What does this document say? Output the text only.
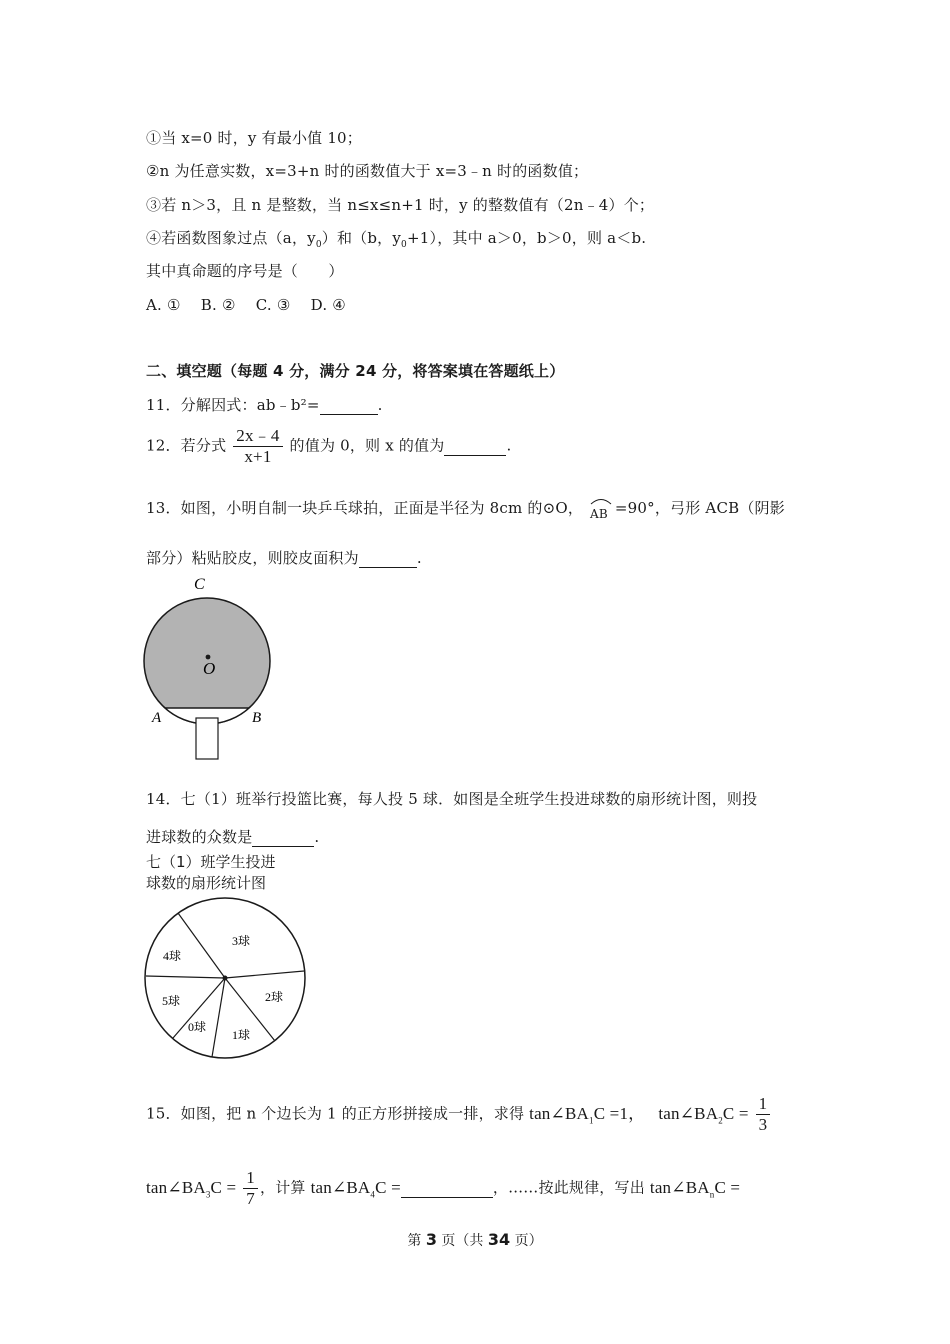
①当 x=0 时，y 有最小值 10；
②n 为任意实数，x=3+n 时的函数值大于 x=3﹣n 时的函数值；
③若 n＞3，且 n 是整数，当 n≤x≤n+1 时，y 的整数值有（2n﹣4）个；
④若函数图象过点（a，$y_0$）和（b，$y_0+1$），其中 a＞0，b＞0，则 a＜b.
其中真命题的序号是（　　）
A. ①　 B. ②　 C. ③　 D. ④
二、填空题（每题 4 分，满分 24 分，将答案填在答题纸上）
11．分解因式：ab﹣b²=	.
12．若分式 $\frac{2x﹣4}{x+1}$ 的值为 0，则 x 的值为	.
13．如图，小明自制一块乒乓球拍，正面是半径为 8cm 的⊙O， $_{AB}$ =90°，弓形 ACB（阴影
部分）粘贴胶皮，则胶皮面积为	.
C
O
A	B
14．七（1）班举行投篮比赛，每人投 5 球．如图是全班学生投进球数的扇形统计图，则投
进球数的众数是	.
七（1）班学生投进
球数的扇形统计图
3球
4球
5球
0球
1球
2球
15．如图，把 n 个边长为 1 的正方形拼接成一排，求得 $\tan\angle BA_1C =1$， $\tan\angle BA_2C = \frac{1}{3}$
$\tan\angle BA_3C = \frac{1}{7}$ ，计算 $\tan\angle BA_4C$ =	，……按此规律，写出 $\tan\angle BA_nC$ =
第 3 页（共 34 页）
